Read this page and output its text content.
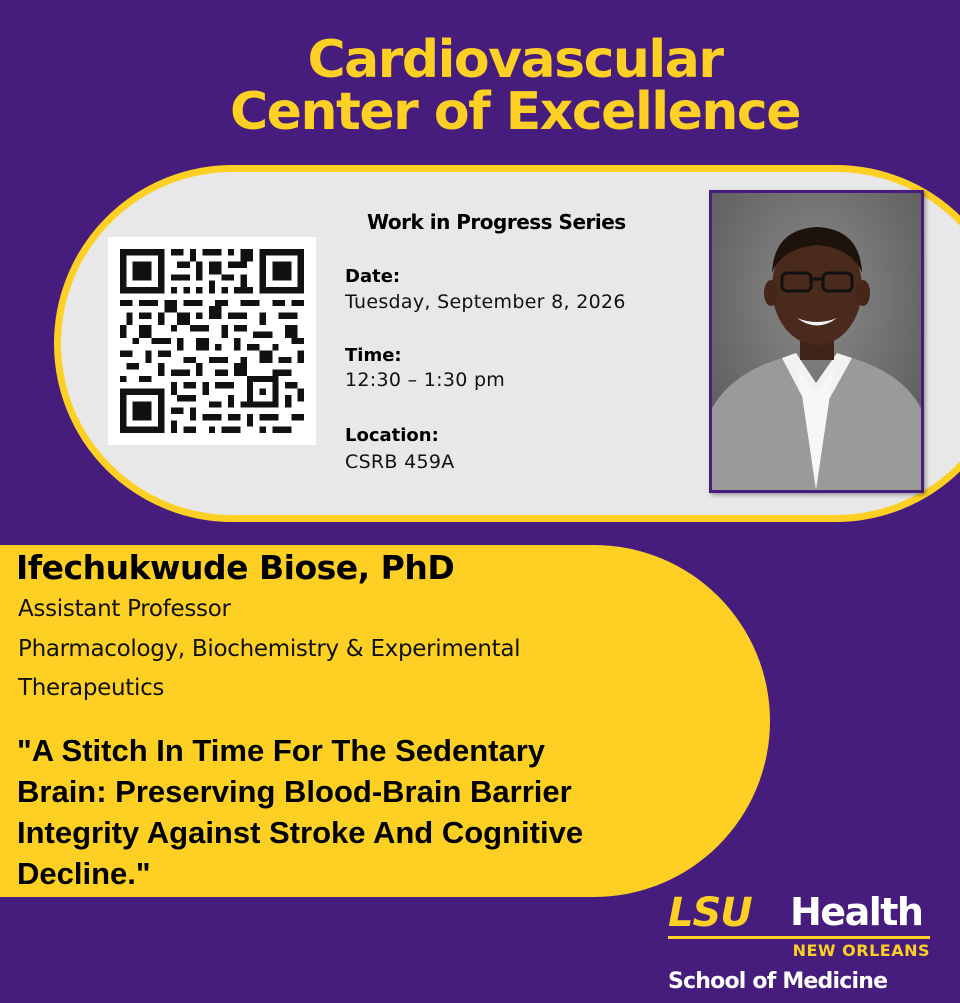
Cardiovascular
Center of Excellence
Work in Progress Series
Date:
Tuesday, September 8, 2026
Time:
12:30 – 1:30 pm
Location:
CSRB 459A
Ifechukwude Biose, PhD
Assistant Professor
Pharmacology, Biochemistry & Experimental
Therapeutics
"A Stitch In Time For The Sedentary
Brain: Preserving Blood-Brain Barrier
Integrity Against Stroke And Cognitive
Decline."
LSU Health
NEW ORLEANS
School of Medicine
